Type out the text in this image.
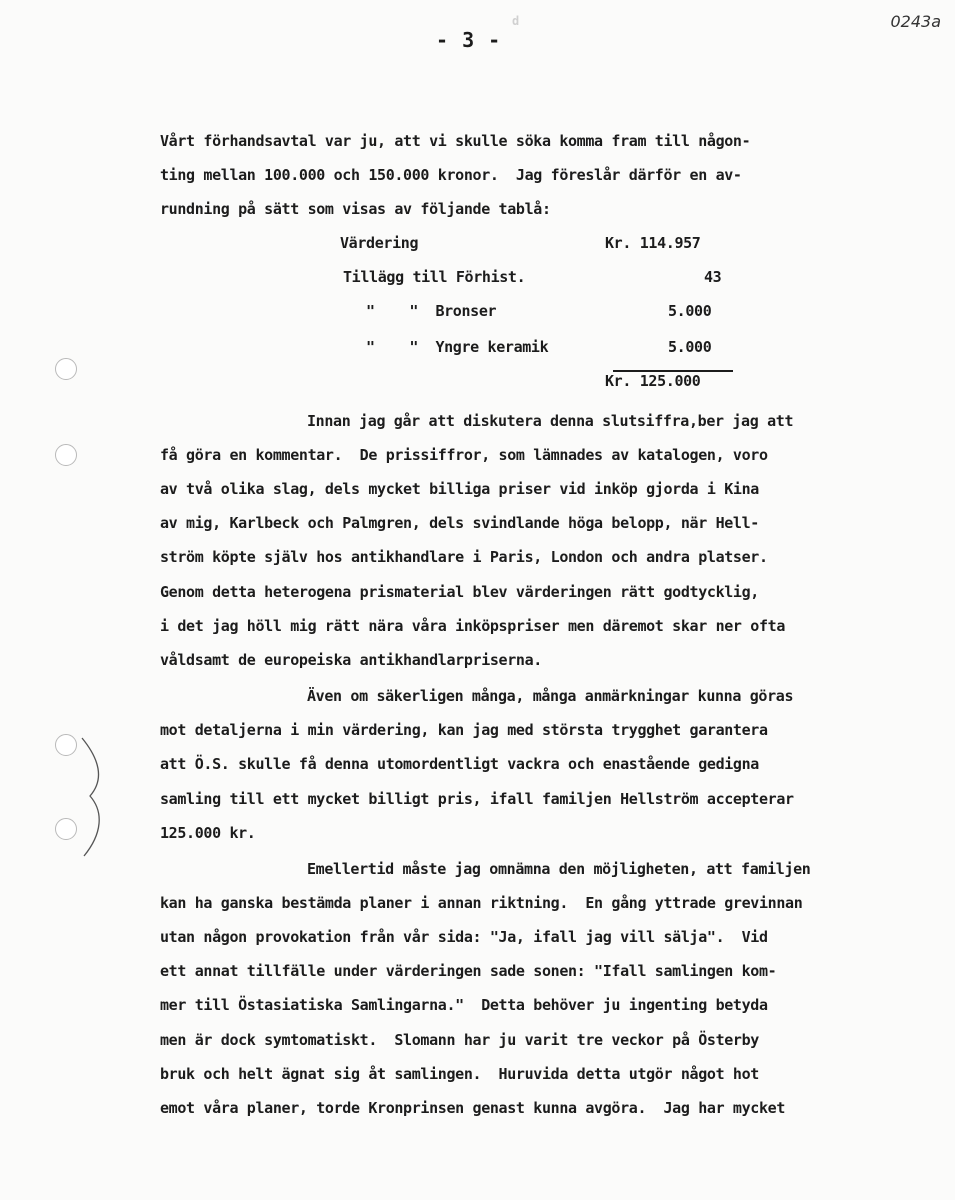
0243a
d
- 3 -
Vårt förhandsavtal var ju, att vi skulle söka komma fram till någon-
ting mellan 100.000 och 150.000 kronor.  Jag föreslår därför en av-
rundning på sätt som visas av följande tablå:
Värdering	Kr. 114.957
Tillägg till Förhist.	43
"    "  Bronser	5.000
"    "  Yngre keramik	5.000
Kr. 125.000
Innan jag går att diskutera denna slutsiffra,ber jag att
få göra en kommentar.  De prissiffror, som lämnades av katalogen, voro
av två olika slag, dels mycket billiga priser vid inköp gjorda i Kina
av mig, Karlbeck och Palmgren, dels svindlande höga belopp, när Hell-
ström köpte själv hos antikhandlare i Paris, London och andra platser.
Genom detta heterogena prismaterial blev värderingen rätt godtycklig,
i det jag höll mig rätt nära våra inköpspriser men däremot skar ner ofta
våldsamt de europeiska antikhandlarpriserna.
Även om säkerligen många, många anmärkningar kunna göras
mot detaljerna i min värdering, kan jag med största trygghet garantera
att Ö.S. skulle få denna utomordentligt vackra och enastående gedigna
samling till ett mycket billigt pris, ifall familjen Hellström accepterar
125.000 kr.
Emellertid måste jag omnämna den möjligheten, att familjen
kan ha ganska bestämda planer i annan riktning.  En gång yttrade grevinnan
utan någon provokation från vår sida: "Ja, ifall jag vill sälja".  Vid
ett annat tillfälle under värderingen sade sonen: "Ifall samlingen kom-
mer till Östasiatiska Samlingarna."  Detta behöver ju ingenting betyda
men är dock symtomatiskt.  Slomann har ju varit tre veckor på Österby
bruk och helt ägnat sig åt samlingen.  Huruvida detta utgör något hot
emot våra planer, torde Kronprinsen genast kunna avgöra.  Jag har mycket
